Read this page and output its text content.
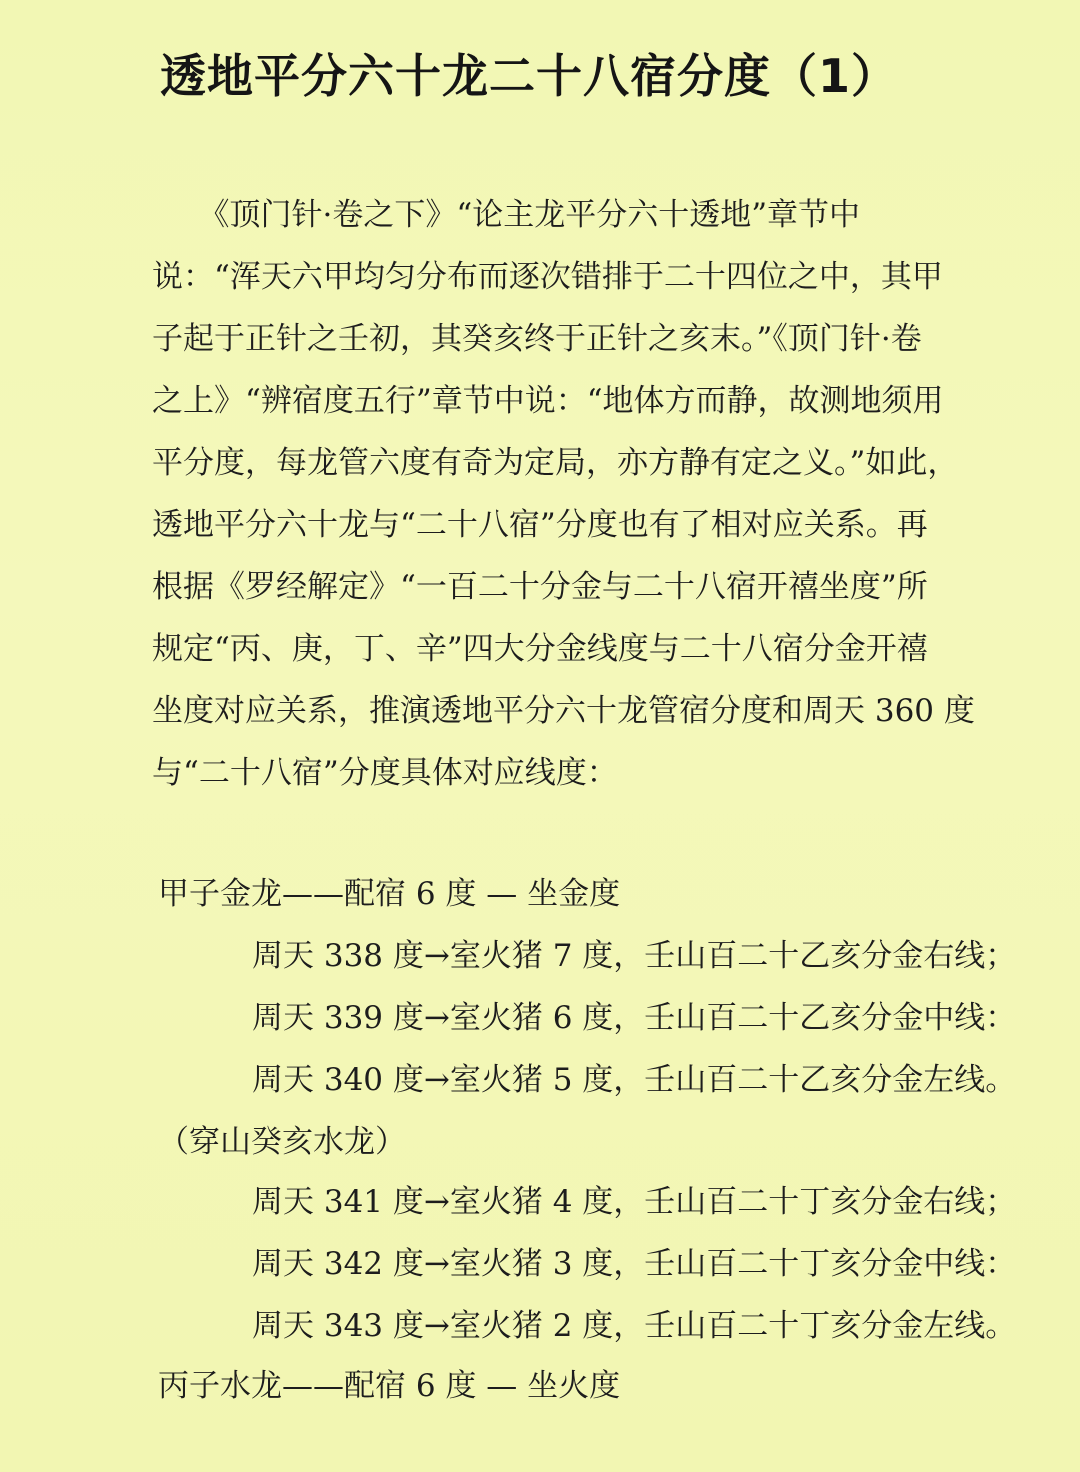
透地平分六十龙二十八宿分度（1）
　　《顶门针·卷之下》“论主龙平分六十透地”章节中
说：“浑天六甲均匀分布而逐次错排于二十四位之中，其甲
子起于正针之壬初，其癸亥终于正针之亥末。”《顶门针·卷
之上》“辨宿度五行”章节中说：“地体方而静，故测地须用
平分度，每龙管六度有奇为定局，亦方静有定之义。”如此，
透地平分六十龙与“二十八宿”分度也有了相对应关系。再
根据《罗经解定》“一百二十分金与二十八宿开禧坐度”所
规定“丙、庚，丁、辛”四大分金线度与二十八宿分金开禧
坐度对应关系，推演透地平分六十龙管宿分度和周天 360 度
与“二十八宿”分度具体对应线度：
甲子金龙——配宿 6 度 — 坐金度
周天 338 度→室火猪 7 度，壬山百二十乙亥分金右线；
周天 339 度→室火猪 6 度，壬山百二十乙亥分金中线：
周天 340 度→室火猪 5 度，壬山百二十乙亥分金左线。
（穿山癸亥水龙）
周天 341 度→室火猪 4 度，壬山百二十丁亥分金右线；
周天 342 度→室火猪 3 度，壬山百二十丁亥分金中线：
周天 343 度→室火猪 2 度，壬山百二十丁亥分金左线。
丙子水龙——配宿 6 度 — 坐火度
